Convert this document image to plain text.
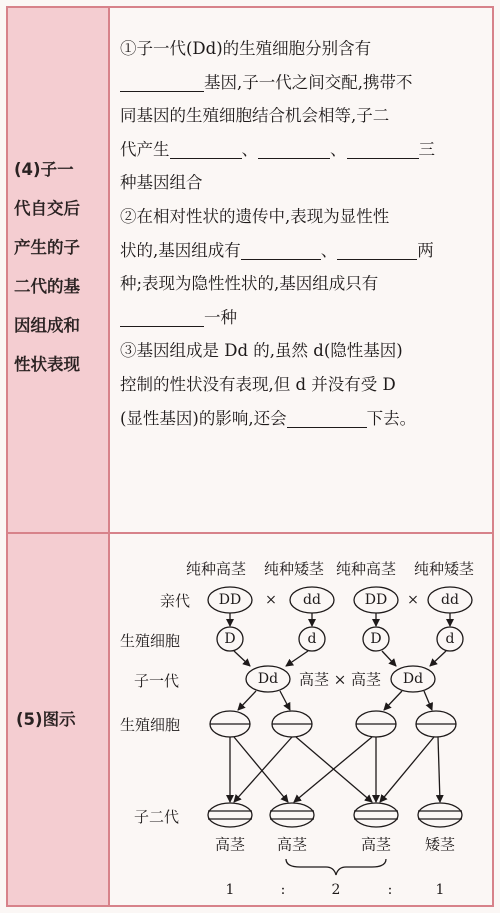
(4)子一
代自交后
产生的子
二代的基
因组成和
性状表现
①子一代(Dd)的生殖细胞分别含有
基因,子一代之间交配,携带不
同基因的生殖细胞结合机会相等,子二
代产生	、	、	三
种基因组合
②在相对性状的遗传中,表现为显性性
状的,基因组成有	、	两
种;表现为隐性性状的,基因组成只有
一种
③基因组成是 Dd 的,虽然 d(隐性基因)
控制的性状没有表现,但 d 并没有受 D
(显性基因)的影响,还会	下去。
(5)图示
纯种高茎 纯种矮茎 纯种高茎 纯种矮茎
亲代
生殖细胞
子一代
生殖细胞
子二代
DD × dd	DD × dd
D	d	D	d
Dd 高茎 × 高茎 Dd
高茎 高茎	高茎 矮茎
1	:	2	:	1
